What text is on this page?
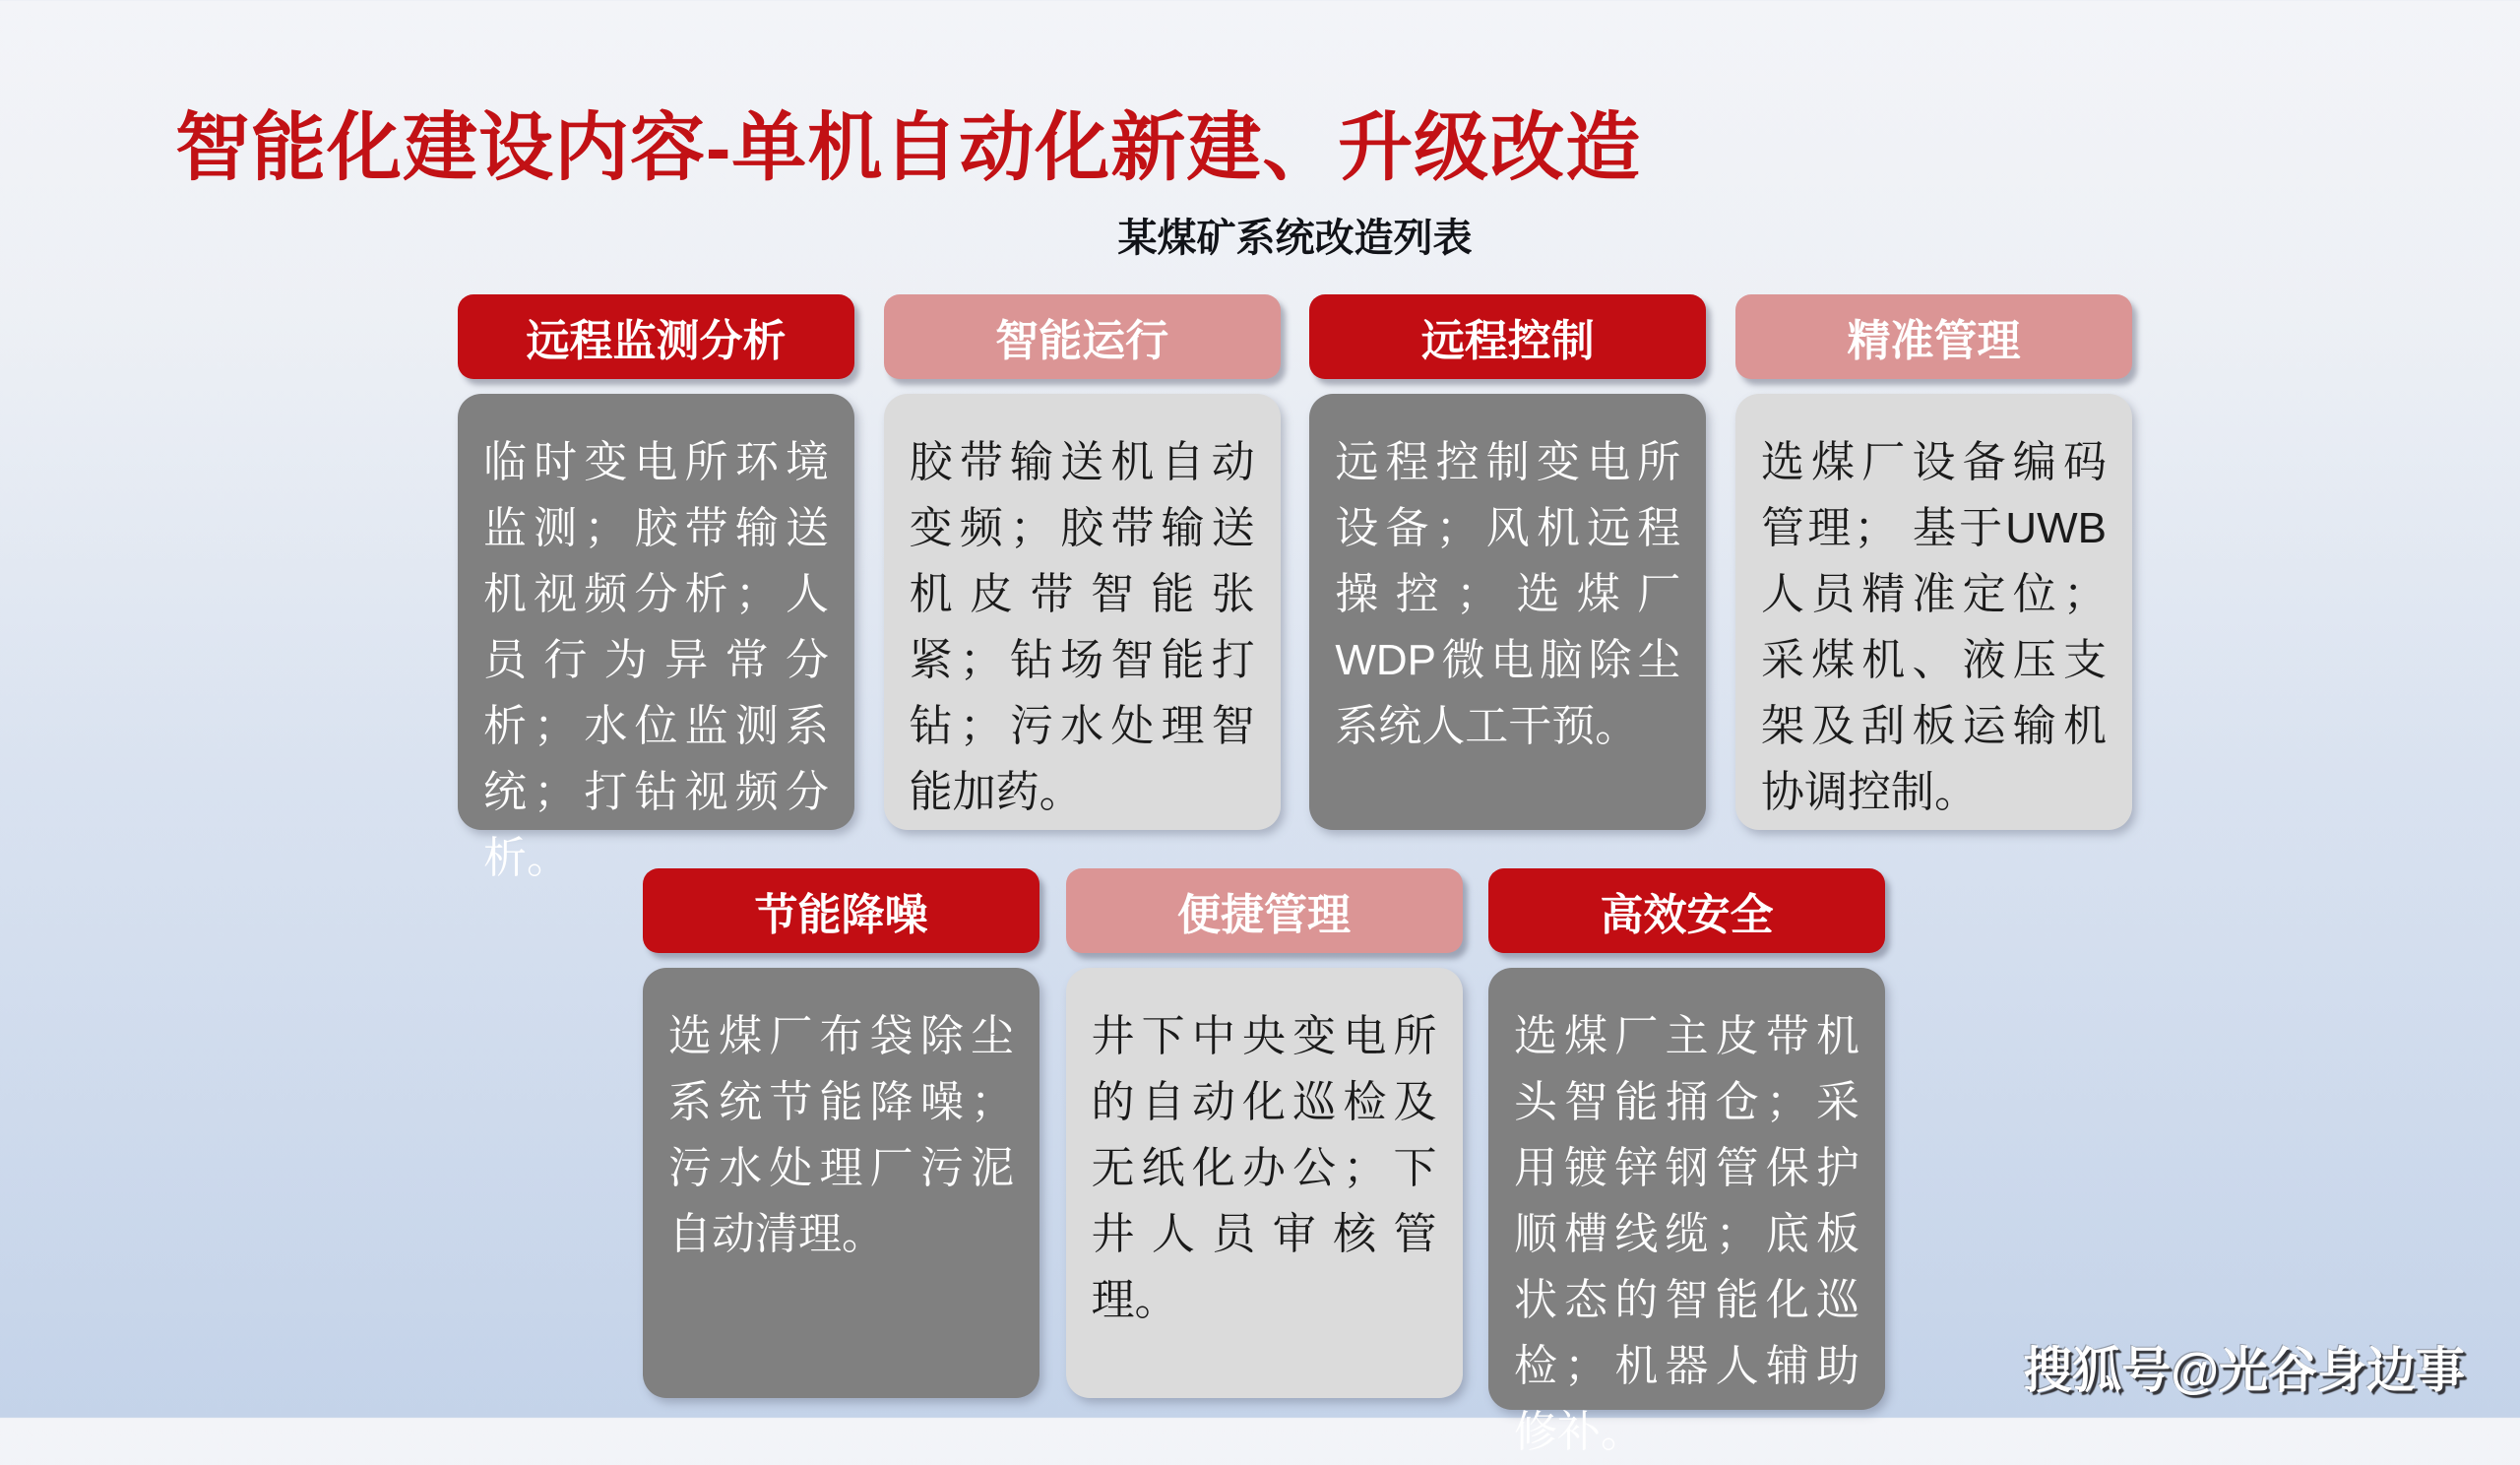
智能化建设内容-单机自动化新建、升级改造
某煤矿系统改造列表
远程监测分析
临时变电所环境监测；胶带输送机视频分析；人员行为异常分析；水位监测系统；打钻视频分析。
智能运行
胶带输送机自动变频；胶带输送机皮带智能张紧；钻场智能打钻；污水处理智能加药。
远程控制
远程控制变电所设备；风机远程操控；选煤厂WDP微电脑除尘系统人工干预。
精准管理
选煤厂设备编码管理； 基于UWB人员精准定位；采煤机、液压支架及刮板运输机协调控制。
节能降噪
选煤厂布袋除尘系统节能降噪；污水处理厂污泥自动清理。
便捷管理
井下中央变电所的自动化巡检及无纸化办公；下井人员审核管理。
高效安全
选煤厂主皮带机头智能捅仓；采用镀锌钢管保护顺槽线缆；底板状态的智能化巡检；机器人辅助修补。
搜狐号@光谷身边事
